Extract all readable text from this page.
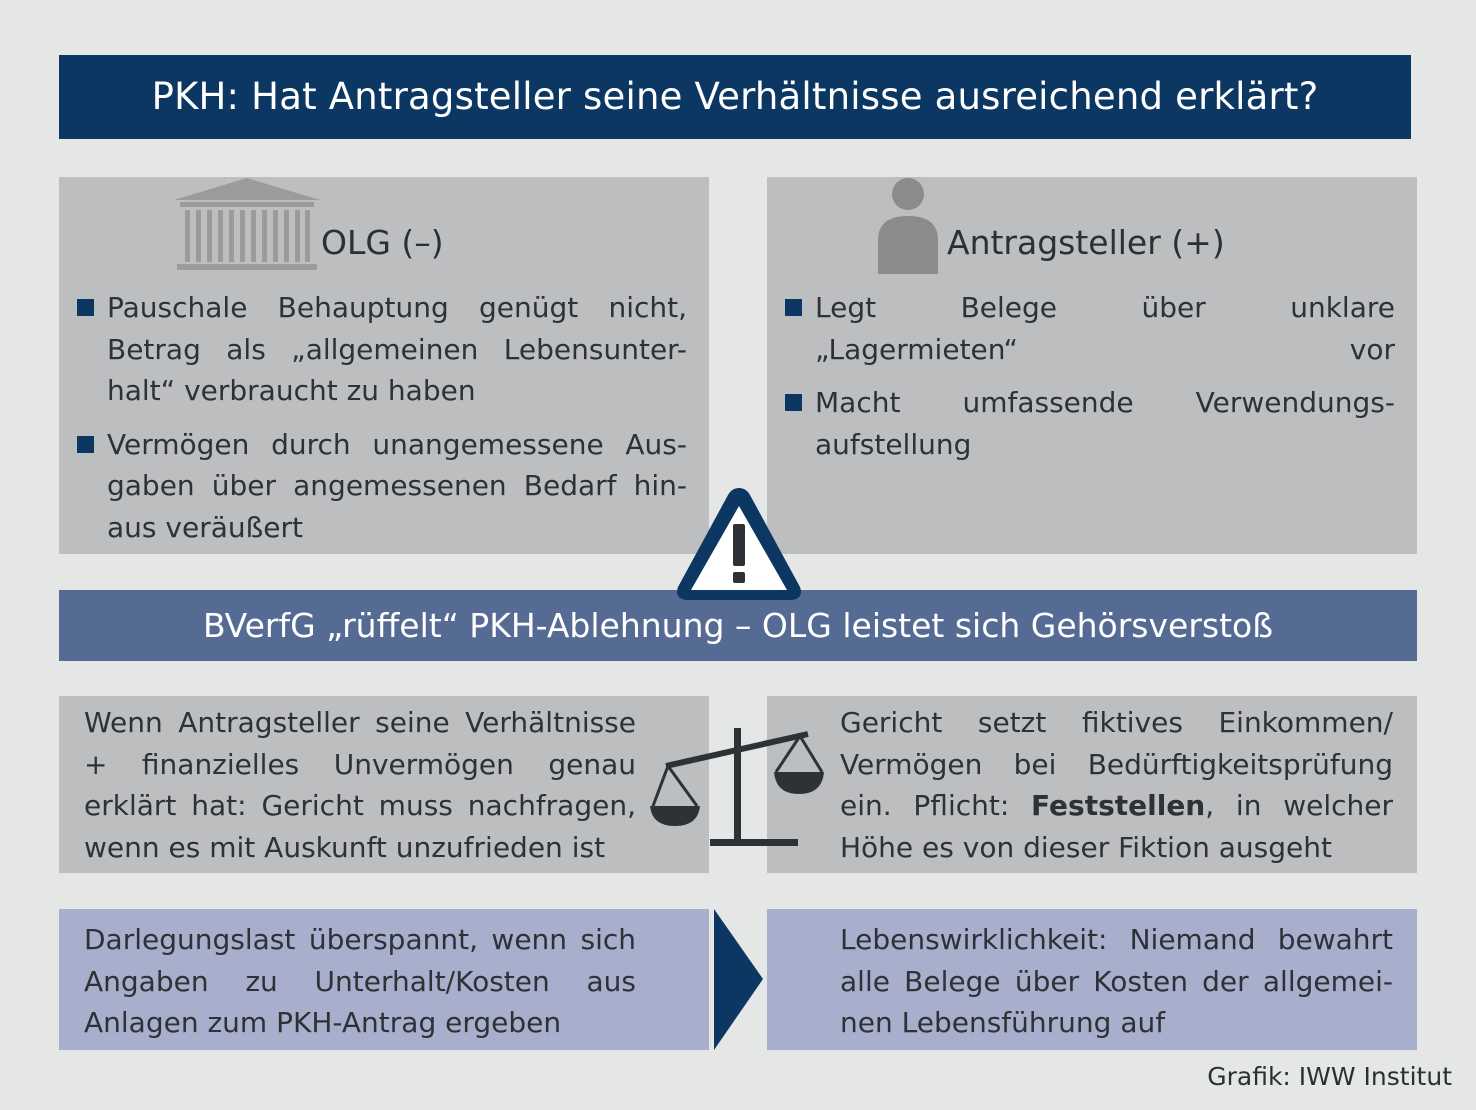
PKH: Hat Antragsteller seine Verhältnisse ausreichend erklärt?
OLG (–)
Pauschale Behauptung genügt nicht, Betrag als „allgemeinen Lebensunter-halt“ verbraucht zu haben
Vermögen durch unangemessene Aus-gaben über angemessenen Bedarf hin-aus veräußert
Antragsteller (+)
Legt Belege über unklare
„Lagermieten“ vor
Macht umfassende Verwendungs-
aufstellung
BVerfG „rüffelt“ PKH-Ablehnung – OLG leistet sich Gehörsverstoß
Wenn Antragsteller seine Verhältnisse + finanzielles Unvermögen genau erklärt hat: Gericht muss nachfragen, wenn es mit Auskunft unzufrieden ist
Gericht setzt fiktives Einkommen/ Vermögen bei Bedürftigkeitsprüfung ein. Pflicht: Feststellen, in welcher Höhe es von dieser Fiktion ausgeht
Darlegungslast überspannt, wenn sich Angaben zu Unterhalt/Kosten aus Anlagen zum PKH-Antrag ergeben
Lebenswirklichkeit: Niemand bewahrt alle Belege über Kosten der allgemei-nen Lebensführung auf
Grafik: IWW Institut
